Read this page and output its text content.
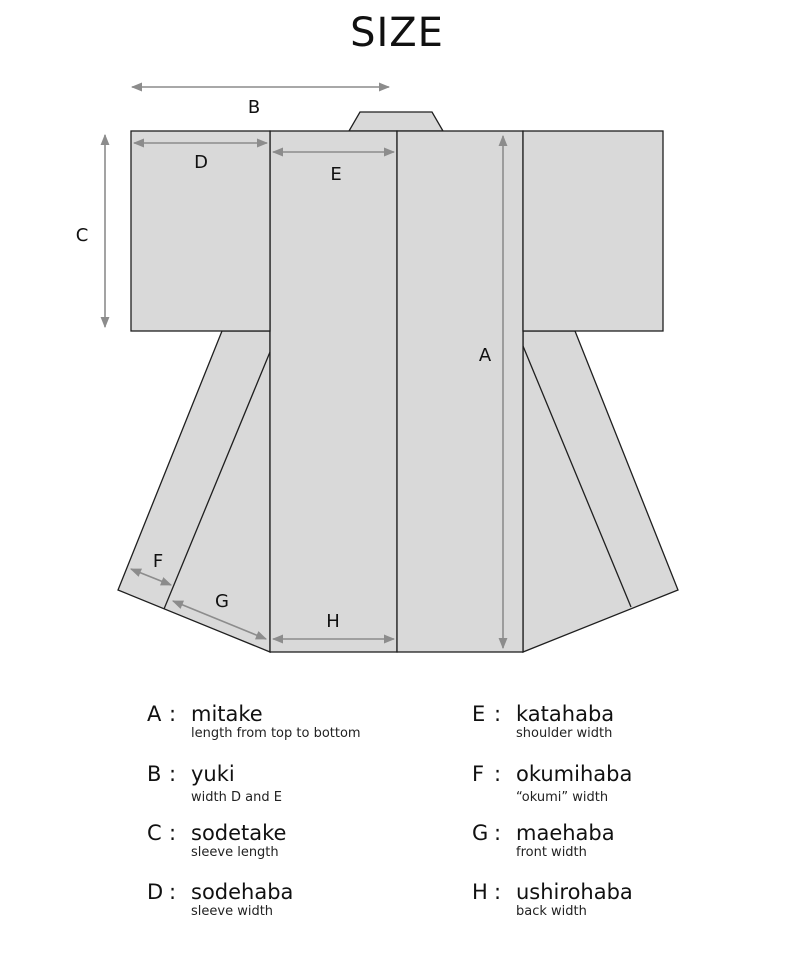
SIZE
B
C
D
E
A
F
G
H
A : mitake
length from top to bottom
B : yuki
width D and E
C : sodetake
sleeve length
D : sodehaba
sleeve width
E : katahaba
shoulder width
F : okumihaba
“okumi” width
G : maehaba
front width
H : ushirohaba
back width
